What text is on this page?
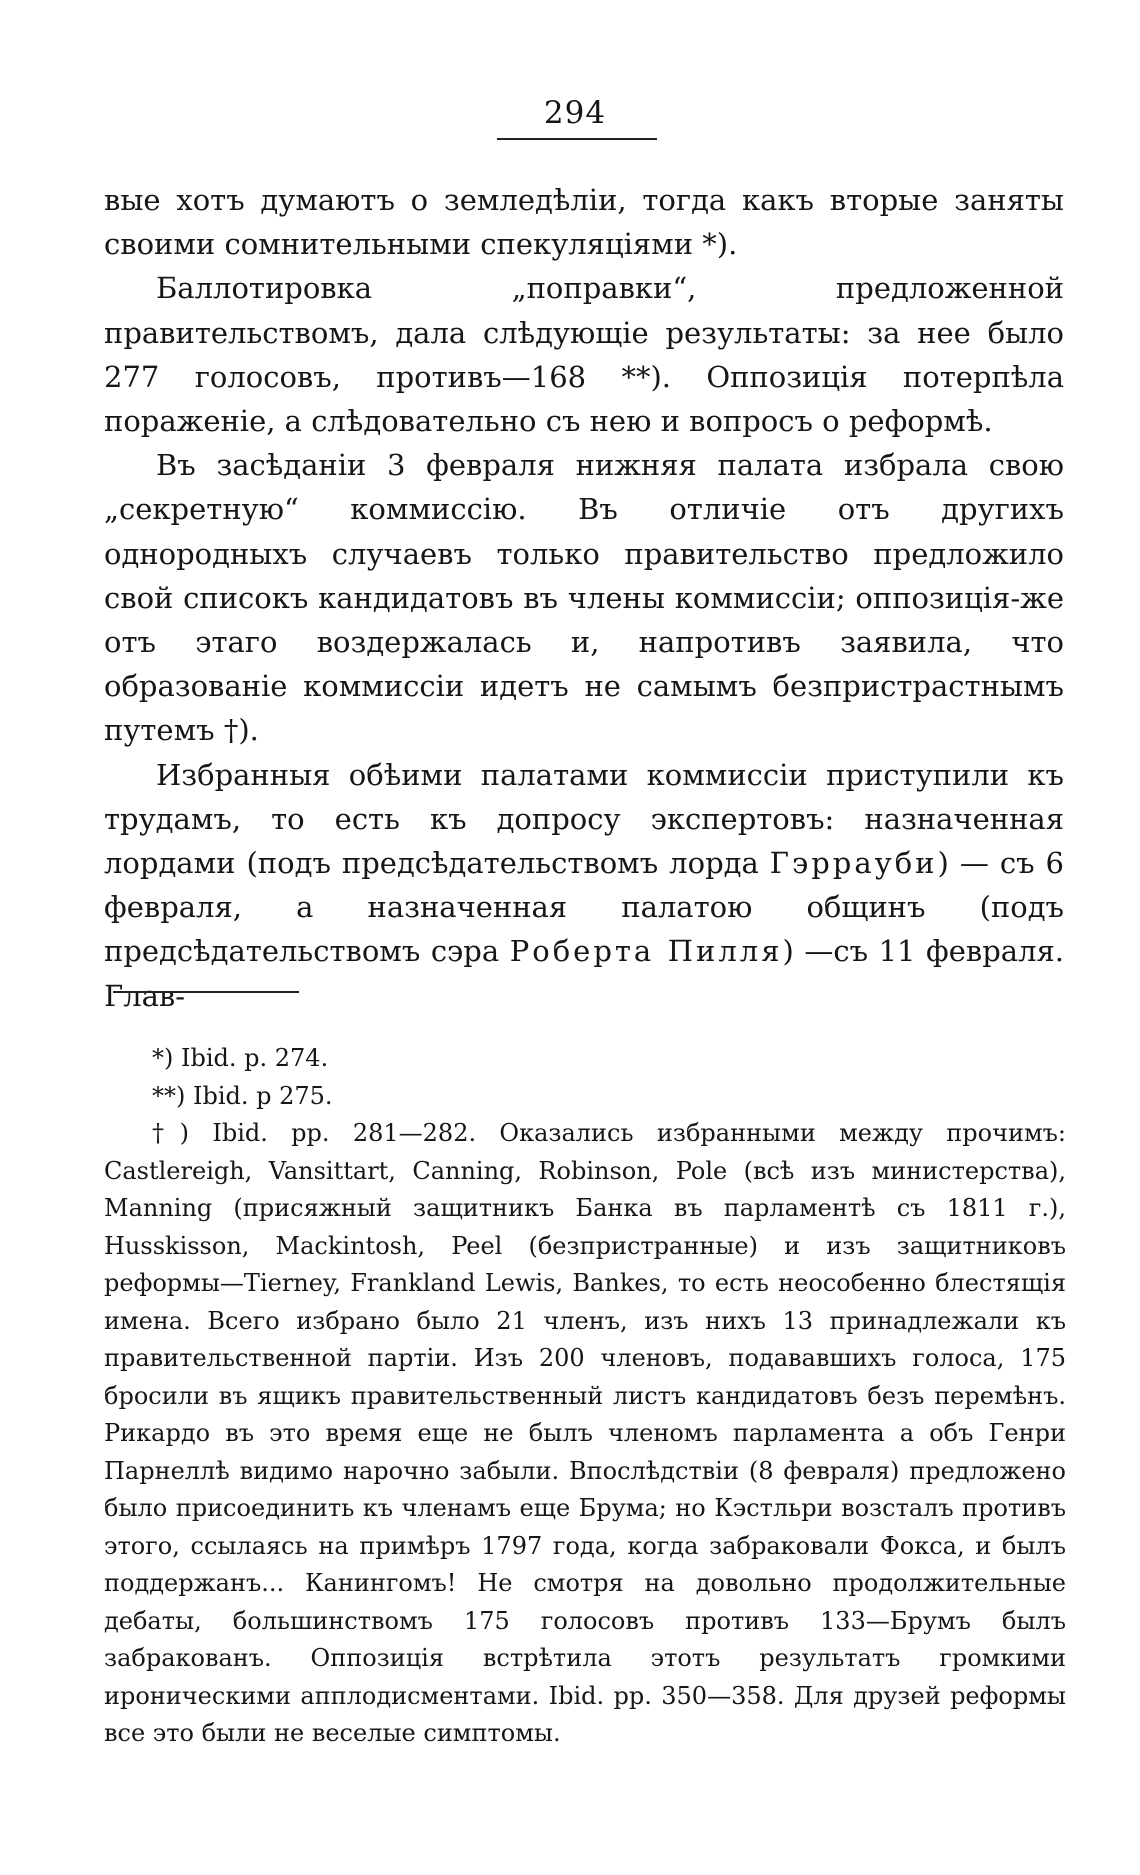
294

вые хотъ думаютъ о земледѣліи, тогда какъ вторые заняты своими сомнительными спекуляціями *).

Баллотировка „поправки“, предложенной правительствомъ, дала слѣдующіе результаты: за нее было 277 голосовъ, противъ—168 **). Оппозиція потерпѣла пораженіе, а слѣдовательно съ нею и вопросъ о реформѣ.

Въ засѣданіи 3 февраля нижняя палата избрала свою „секретную“ коммиссію. Въ отличіе отъ другихъ однородныхъ случаевъ только правительство предложило свой списокъ кандидатовъ въ члены коммиссіи; оппозиція-же отъ этаго воздержалась и, напротивъ заявила, что образованіе коммиссіи идетъ не самымъ безпристрастнымъ путемъ †).

Избранныя обѣими палатами коммиссіи приступили къ трудамъ, то есть къ допросу экспертовъ: назначенная лордами (подъ предсѣдательствомъ лорда Гэррауби) — съ 6 февраля, а назначенная палатою общинъ (подъ предсѣдательствомъ сэра Роберта Пилля) —съ 11 февраля. Глав-

*) Ibid. p. 274.

**) Ibid. p 275.

†) Ibid. pp. 281—282. Оказались избранными между прочимъ: Castlereigh, Vansittart, Canning, Robinson, Pole (всѣ изъ министерства), Manning (присяжный защитникъ Банка въ парламентѣ съ 1811 г.), Husskisson, Mackintosh, Peel (безпристранные) и изъ защитниковъ реформы—Tierney, Frankland Lewis, Bankes, то есть неособенно блестящія имена. Всего избрано было 21 членъ, изъ нихъ 13 принадлежали къ правительственной партіи. Изъ 200 членовъ, подававшихъ голоса, 175 бросили въ ящикъ правительственный листъ кандидатовъ безъ перемѣнъ. Рикардо въ это время еще не былъ членомъ парламента а объ Генри Парнеллѣ видимо нарочно забыли. Впослѣдствіи (8 февраля) предложено было присоединить къ членамъ еще Брума; но Кэстльри возсталъ противъ этого, ссылаясь на примѣръ 1797 года, когда забраковали Фокса, и былъ поддержанъ... Канингомъ! Не смотря на довольно продолжительные дебаты, большинствомъ 175 голосовъ противъ 133—Брумъ былъ забракованъ. Оппозиція встрѣтила этотъ результатъ громкими ироническими апплодисментами. Ibid. pp. 350—358. Для друзей реформы все это были не веселые симптомы.
